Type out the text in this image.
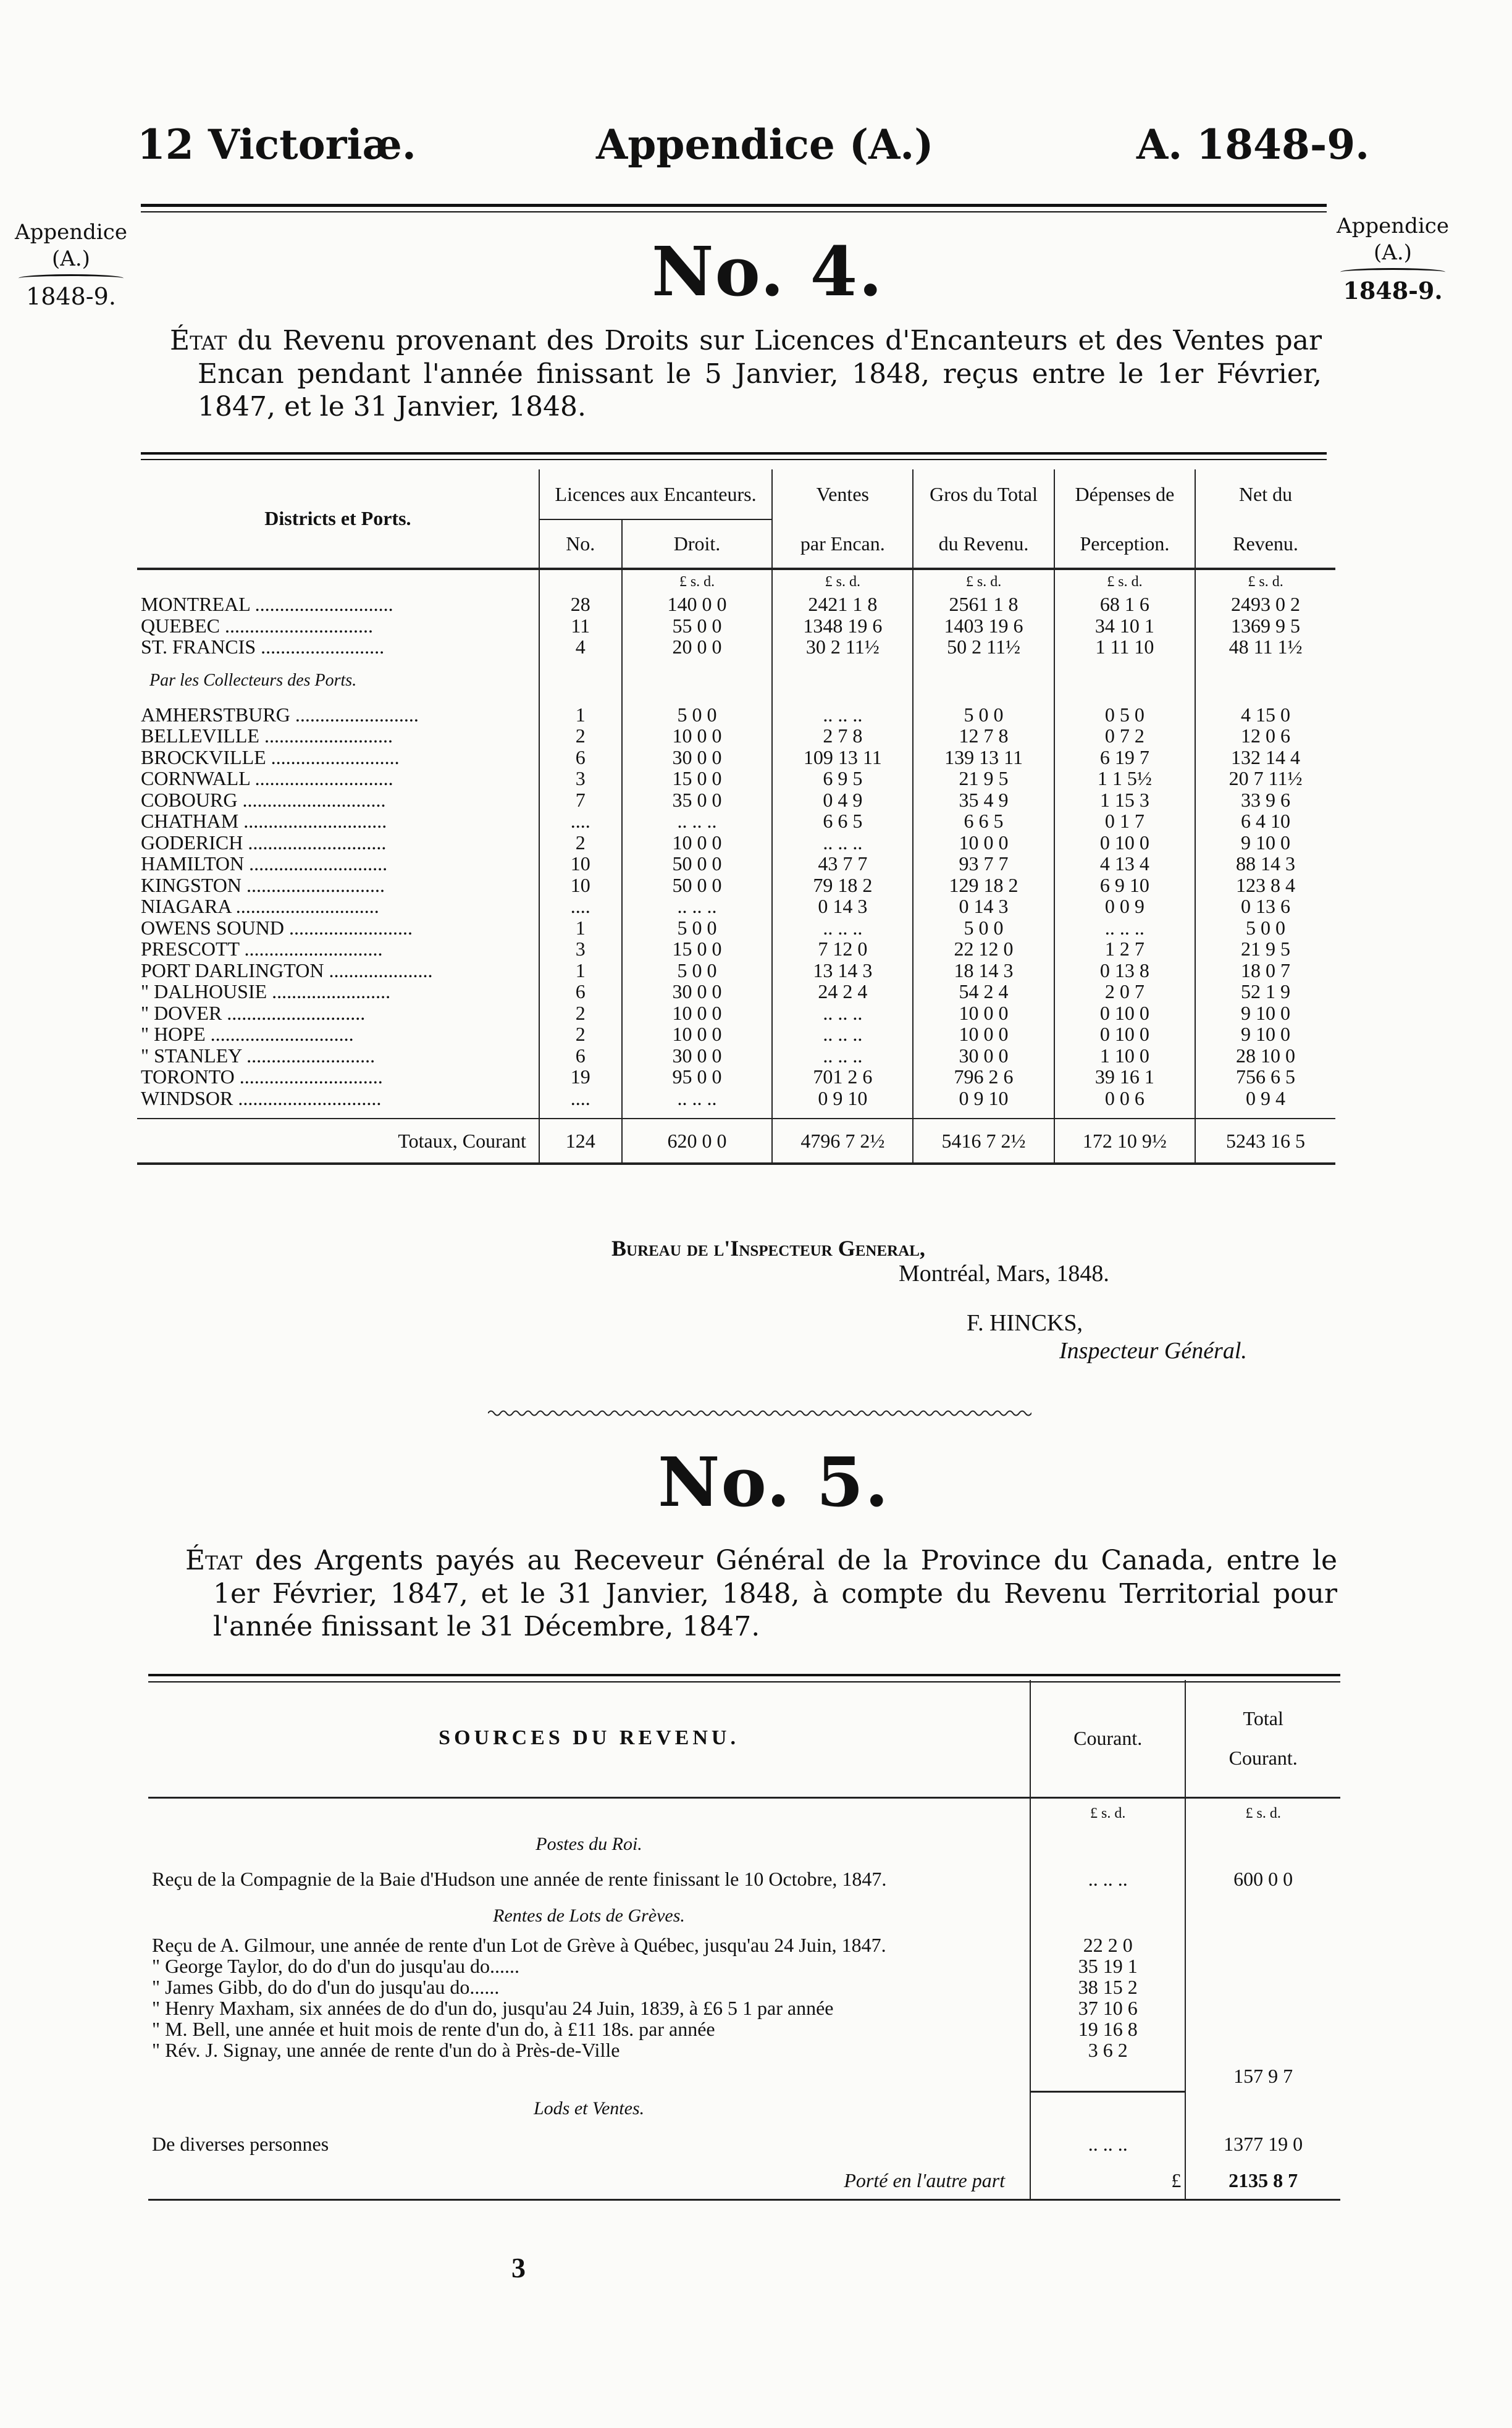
12 Victoriæ.	Appendice (A.)	A. 1848-9.
Appendice
(A.)
1848-9.
Appendice
(A.)
1848-9.
No. 4.
État du Revenu provenant des Droits sur Licences d'Encanteurs et des Ventes par Encan pendant l'année finissant le 5 Janvier, 1848, reçus entre le 1er Février, 1847, et le 31 Janvier, 1848.
Districts et Ports.	Licences aux Encanteurs.		Ventes	Gros du Total	Dépenses de	Net du
	No.	Droit.	par Encan.	du Revenu.	Perception.	Revenu.
		£ s. d.	£ s. d.	£ s. d.	£ s. d.	£ s. d.
MONTREAL ............................	28	140 0 0	2421 1 8	2561 1 8	68 1 6	2493 0 2
QUEBEC ..............................	11	55 0 0	1348 19 6	1403 19 6	34 10 1	1369 9 5
ST. FRANCIS .........................	4	20 0 0	30 2 11½	50 2 11½	1 11 10	48 11 1½
Par les Collecteurs des Ports.						
AMHERSTBURG .........................	1	5 0 0	.. .. ..	5 0 0	0 5 0	4 15 0
BELLEVILLE ..........................	2	10 0 0	2 7 8	12 7 8	0 7 2	12 0 6
BROCKVILLE ..........................	6	30 0 0	109 13 11	139 13 11	6 19 7	132 14 4
CORNWALL ............................	3	15 0 0	6 9 5	21 9 5	1 1 5½	20 7 11½
COBOURG .............................	7	35 0 0	0 4 9	35 4 9	1 15 3	33 9 6
CHATHAM .............................	....	.. .. ..	6 6 5	6 6 5	0 1 7	6 4 10
GODERICH ............................	2	10 0 0	.. .. ..	10 0 0	0 10 0	9 10 0
HAMILTON ............................	10	50 0 0	43 7 7	93 7 7	4 13 4	88 14 3
KINGSTON ............................	10	50 0 0	79 18 2	129 18 2	6 9 10	123 8 4
NIAGARA .............................	....	.. .. ..	0 14 3	0 14 3	0 0 9	0 13 6
OWENS SOUND .........................	1	5 0 0	.. .. ..	5 0 0	.. .. ..	5 0 0
PRESCOTT ............................	3	15 0 0	7 12 0	22 12 0	1 2 7	21 9 5
PORT DARLINGTON .....................	1	5 0 0	13 14 3	18 14 3	0 13 8	18 0 7
" DALHOUSIE ........................	6	30 0 0	24 2 4	54 2 4	2 0 7	52 1 9
" DOVER ............................	2	10 0 0	.. .. ..	10 0 0	0 10 0	9 10 0
" HOPE .............................	2	10 0 0	.. .. ..	10 0 0	0 10 0	9 10 0
" STANLEY ..........................	6	30 0 0	.. .. ..	30 0 0	1 10 0	28 10 0
TORONTO .............................	19	95 0 0	701 2 6	796 2 6	39 16 1	756 6 5
WINDSOR .............................	....	.. .. ..	0 9 10	0 9 10	0 0 6	0 9 4

Totaux, Courant	124	620 0 0	4796 7 2½	5416 7 2½	172 10 9½	5243 16 5
Bureau de l'Inspecteur General,
Montréal, Mars, 1848.
F. HINCKS,
Inspecteur Général.
No. 5.
État des Argents payés au Receveur Général de la Province du Canada, entre le 1er Février, 1847, et le 31 Janvier, 1848, à compte du Revenu Territorial pour l'année finissant le 31 Décembre, 1847.
SOURCES DU REVENU.	Courant.	Total
Courant.

	£ s. d.	£ s. d.
Postes du Roi.		
Reçu de la Compagnie de la Baie d'Hudson une année de rente finissant le 10 Octobre, 1847.	.. .. ..	600 0 0
Rentes de Lots de Grèves.		
Reçu de A. Gilmour, une année de rente d'un Lot de Grève à Québec, jusqu'au 24 Juin, 1847.	22 2 0	
" George Taylor, do do d'un do jusqu'au do......	35 19 1	
" James Gibb, do do d'un do jusqu'au do......	38 15 2	
" Henry Maxham, six années de do d'un do, jusqu'au 24 Juin, 1839, à £6 5 1 par année	37 10 6	
" M. Bell, une année et huit mois de rente d'un do, à £11 18s. par année	19 16 8	
" Rév. J. Signay, une année de rente d'un do à Près-de-Ville	3 6 2	
		157 9 7
Lods et Ventes.		
De diverses personnes	.. .. ..	1377 19 0
Porté en l'autre part	£	2135 8 7
3
